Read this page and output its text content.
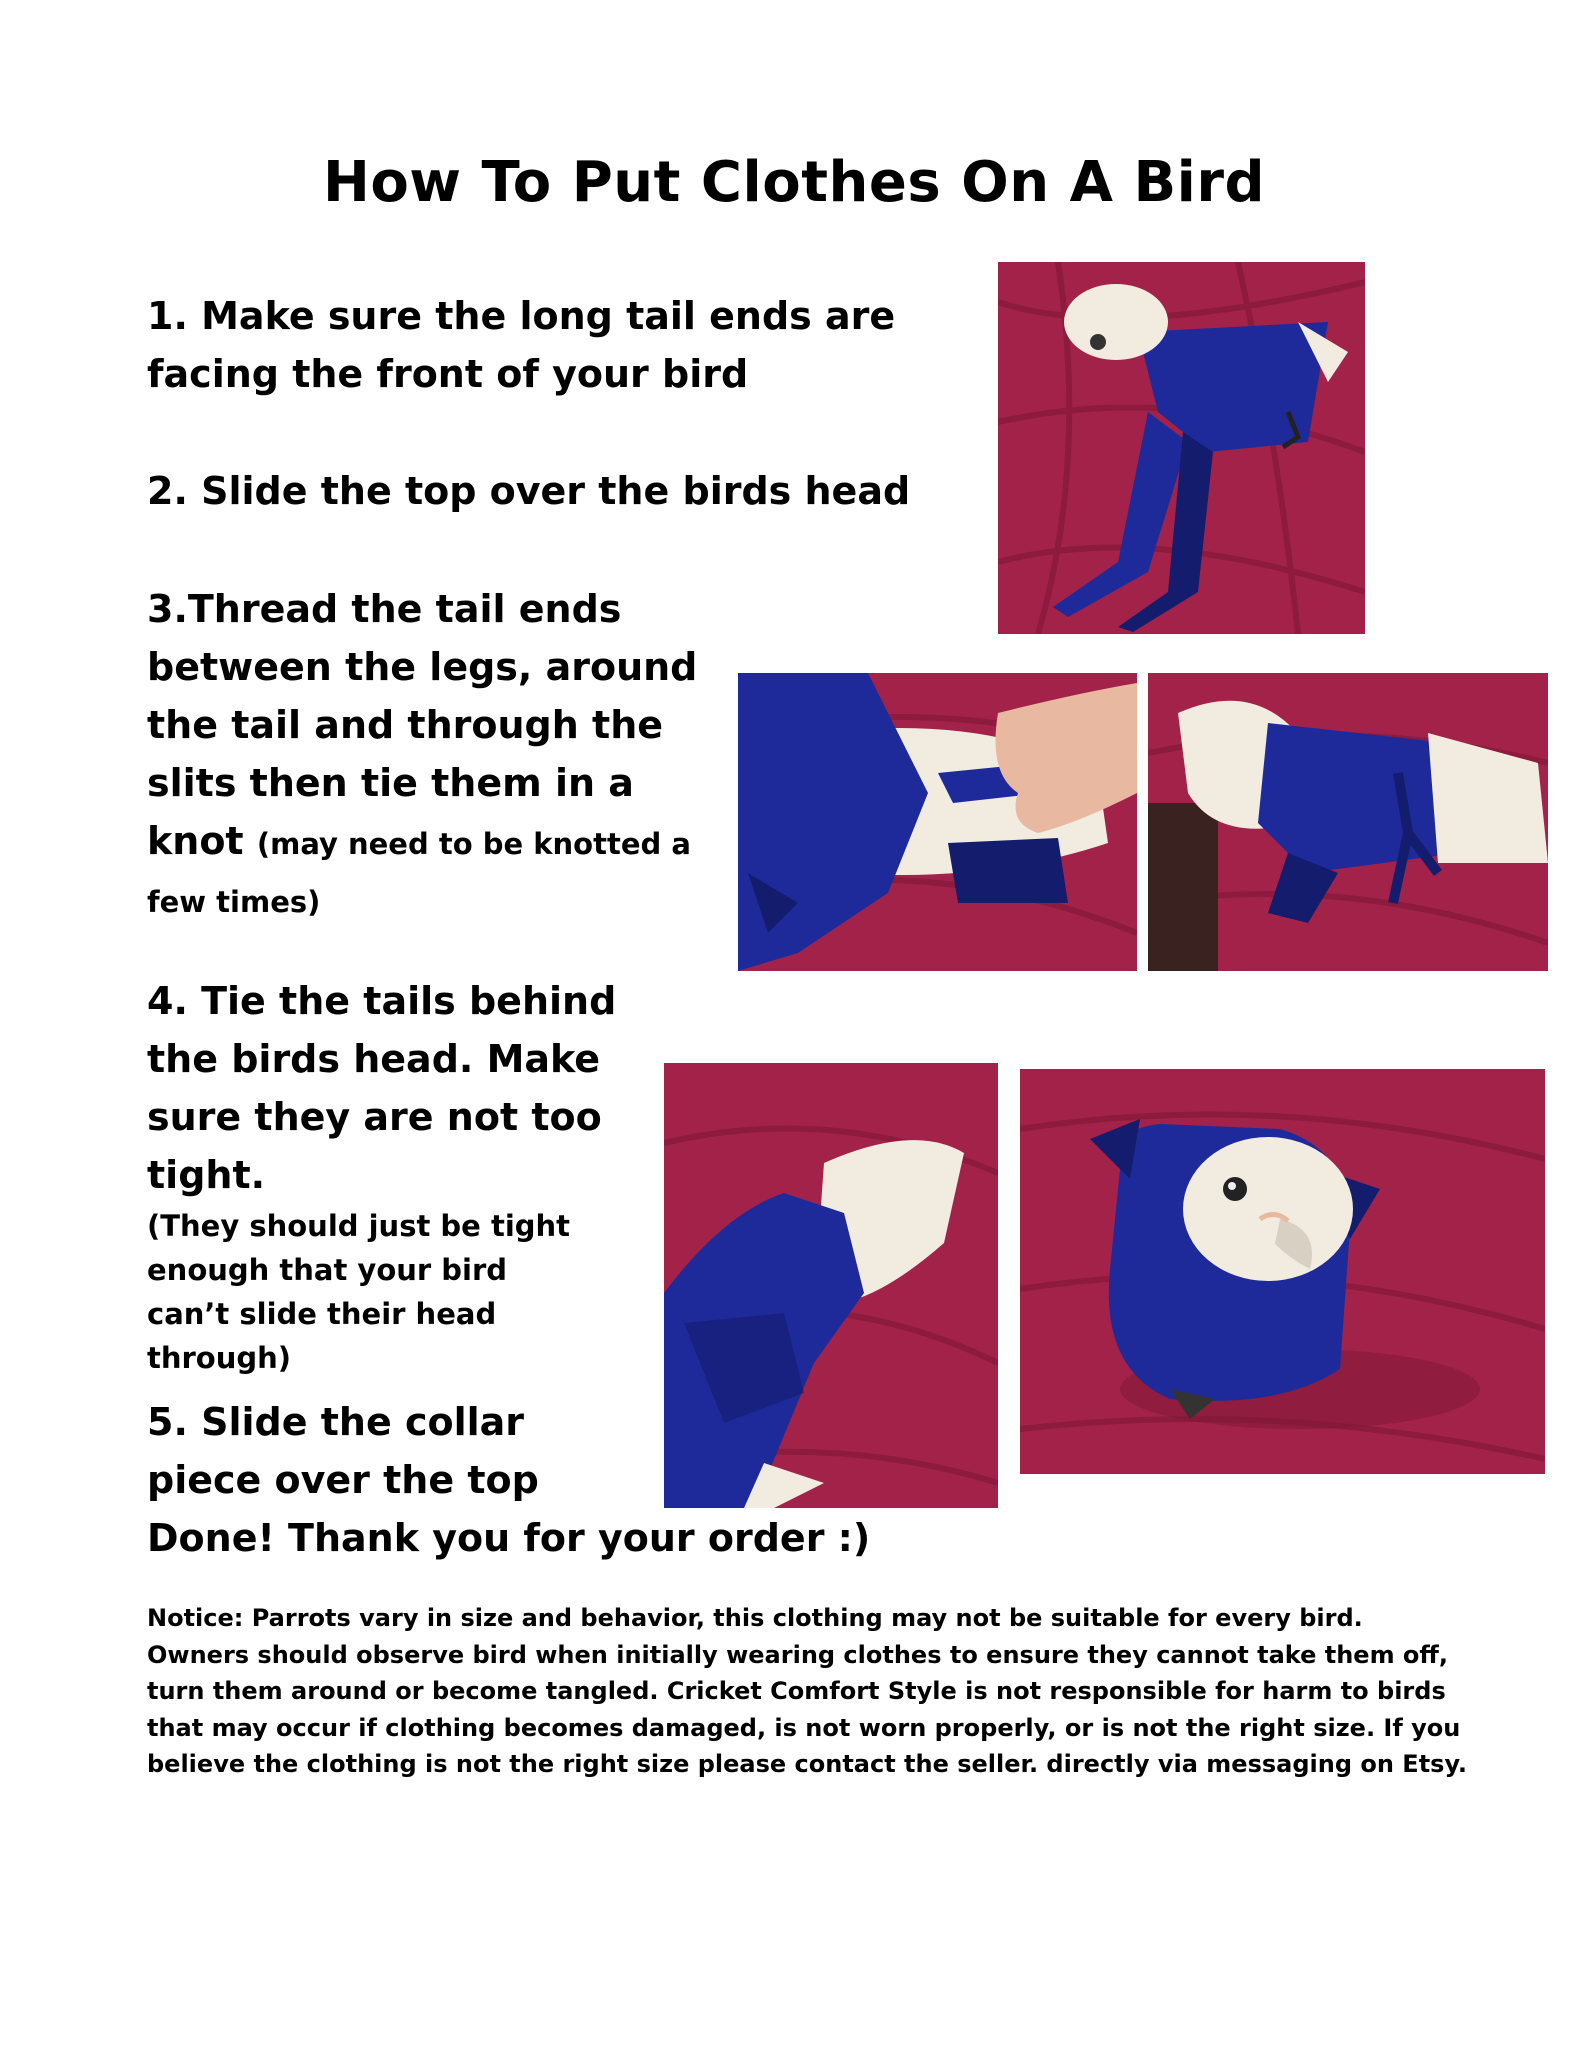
How To Put Clothes On A Bird
1. Make sure the long tail ends are facing the front of your bird
2. Slide the top over the birds head
3.Thread the tail ends between the legs, around the tail and through the slits then tie them in a knot (may need to be knotted a few times)
4. Tie the tails behind the birds head. Make sure they are not too tight.
(They should just be tight enough that your bird can’t slide their head through)
5. Slide the collar piece over the top
Done! Thank you for your order :)
Notice: Parrots vary in size and behavior, this clothing may not be suitable for every bird. Owners should observe bird when initially wearing clothes to ensure they cannot take them off, turn them around or become tangled. Cricket Comfort Style is not responsible for harm to birds that may occur if clothing becomes damaged, is not worn properly, or is not the right size. If you believe the clothing is not the right size please contact the seller. directly via messaging on Etsy.
